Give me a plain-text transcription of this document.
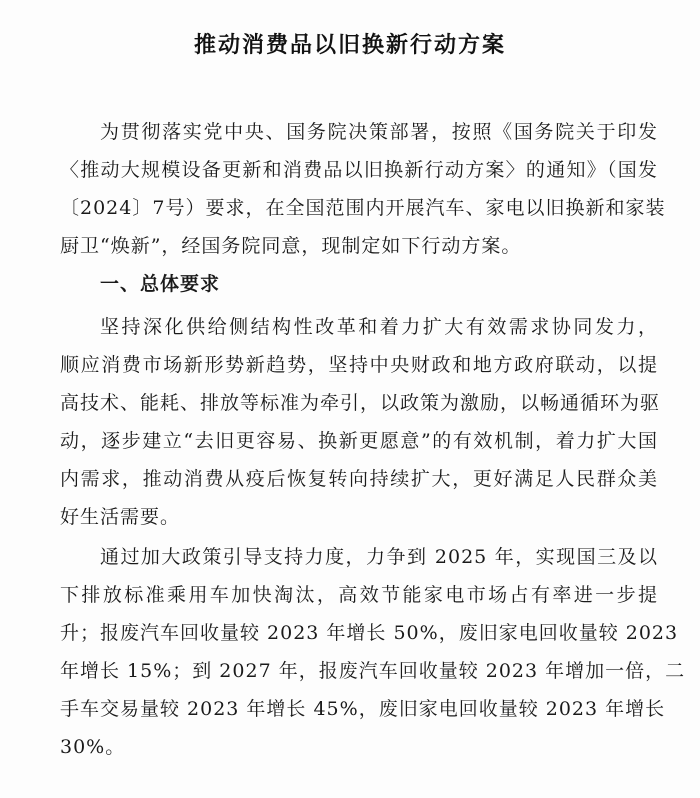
推动消费品以旧换新行动方案
为贯彻落实党中央、国务院决策部署，按照《国务院关于印发
〈推动大规模设备更新和消费品以旧换新行动方案〉的通知》（国发
〔2024〕7号）要求，在全国范围内开展汽车、家电以旧换新和家装
厨卫“焕新”，经国务院同意，现制定如下行动方案。
一、总体要求
坚持深化供给侧结构性改革和着力扩大有效需求协同发力，
顺应消费市场新形势新趋势，坚持中央财政和地方政府联动，以提
高技术、能耗、排放等标准为牵引，以政策为激励，以畅通循环为驱
动，逐步建立“去旧更容易、换新更愿意”的有效机制，着力扩大国
内需求，推动消费从疫后恢复转向持续扩大，更好满足人民群众美
好生活需要。
通过加大政策引导支持力度，力争到 2025 年，实现国三及以
下排放标准乘用车加快淘汰，高效节能家电市场占有率进一步提
升；报废汽车回收量较 2023 年增长 50%，废旧家电回收量较 2023
年增长 15%；到 2027 年，报废汽车回收量较 2023 年增加一倍，二
手车交易量较 2023 年增长 45%，废旧家电回收量较 2023 年增长
30%。
